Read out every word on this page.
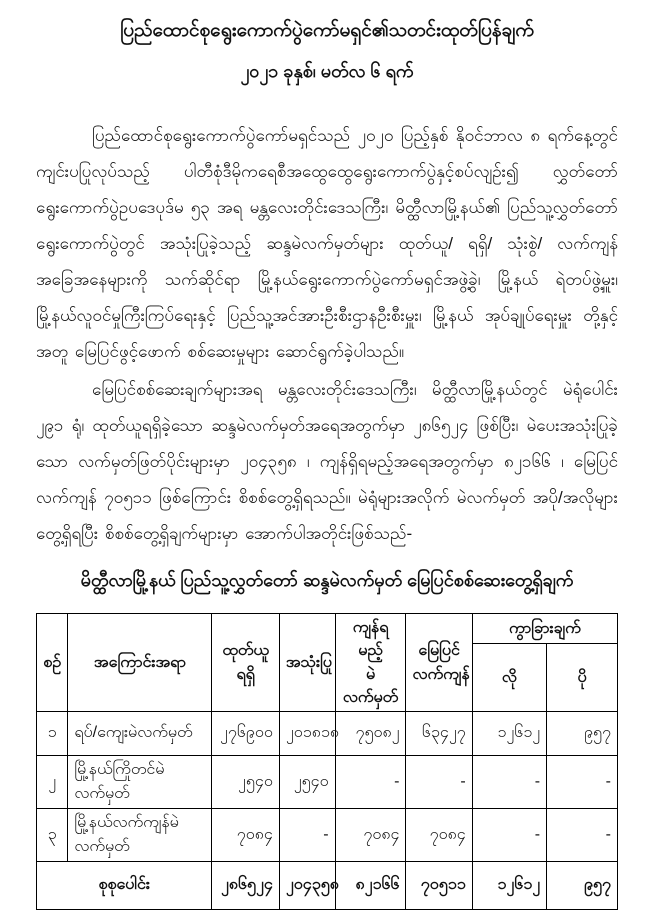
ပြည်ထောင်စုရွေးကောက်ပွဲကော်မရှင်၏သတင်းထုတ်ပြန်ချက်
၂၀၂၁ ခုနှစ်၊ မတ်လ ၆ ရက်

ပြည်ထောင်စုရွေးကောက်ပွဲကော်မရှင်သည် ၂၀၂၀ ပြည့်နှစ် နိုဝင်ဘာလ ၈ ရက်နေ့တွင် ကျင်းပပြုလုပ်သည့် ပါတီစုံဒီမိုကရေစီအထွေထွေရွေးကောက်ပွဲနှင့်စပ်လျဉ်း၍ လွှတ်တော်ရွေးကောက်ပွဲဥပဒေပုဒ်မ ၅၃ အရ မန္တလေးတိုင်းဒေသကြီး၊ မိတ္ထီလာမြို့နယ်၏ ပြည်သူ့လွှတ်တော်ရွေးကောက်ပွဲတွင် အသုံးပြုခဲ့သည့် ဆန္ဒမဲလက်မှတ်များ ထုတ်ယူ/ ရရှိ/ သုံးစွဲ/ လက်ကျန် အခြေအနေများကို သက်ဆိုင်ရာ မြို့နယ်ရွေးကောက်ပွဲကော်မရှင်အဖွဲ့ခွဲ၊ မြို့နယ် ရဲတပ်ဖွဲ့မှူး၊ မြို့နယ်လူဝင်မှုကြီးကြပ်ရေးနှင့် ပြည်သူ့အင်အားဦးစီးဌာနဦးစီးမှူး၊ မြို့နယ် အုပ်ချုပ်ရေးမှူး တို့နှင့်အတူ မြေပြင်ဖွင့်ဖောက် စစ်ဆေးမှုများ ဆောင်ရွက်ခဲ့ပါသည်။

မြေပြင်စစ်ဆေးချက်များအရ မန္တလေးတိုင်းဒေသကြီး၊ မိတ္ထီလာမြို့နယ်တွင် မဲရုံပေါင်း ၂၉၁ ရုံ၊ ထုတ်ယူရရှိခဲ့သော ဆန္ဒမဲလက်မှတ်အရေအတွက်မှာ ၂၈၆၅၂၄ ဖြစ်ပြီး၊ မဲပေးအသုံးပြုခဲ့သော လက်မှတ်ဖြတ်ပိုင်းများမှာ ၂၀၄၃၅၈ ၊ ကျန်ရှိရမည့်အရေအတွက်မှာ ၈၂၁၆၆ ၊ မြေပြင် လက်ကျန် ၇၀၅၁၁ ဖြစ်ကြောင်း စိစစ်တွေ့ရှိရသည်။ မဲရုံများအလိုက် မဲလက်မှတ် အပို/အလိုများ တွေ့ရှိရပြီး စိစစ်တွေ့ရှိချက်များမှာ အောက်ပါအတိုင်းဖြစ်သည်-

မိတ္ထီလာမြို့နယ် ပြည်သူ့လွှတ်တော် ဆန္ဒမဲလက်မှတ် မြေပြင်စစ်ဆေးတွေ့ရှိချက်
စဉ်	အကြောင်းအရာ	ထုတ်ယူရရှိ	အသုံးပြု	ကျန်ရမည့်
မဲလက်မှတ်	မြေပြင်
လက်ကျန်	ကွာခြားချက်	
						လို	ပို
၁	ရပ်/ကျေးမဲလက်မှတ်	၂၇၆၉၀၀	၂၀၁၈၁၈	၇၅၀၈၂	၆၃၄၂၇	၁၂၆၁၂	၉၅၇
၂	မြို့နယ်ကြိုတင်မဲလက်မှတ်	၂၅၄၀	၂၅၄၀	-	-	-	-
၃	မြို့နယ်လက်ကျန်မဲလက်မှတ်	၇၀၈၄	-	၇၀၈၄	၇၀၈၄	-	-
စုစုပေါင်း		၂၈၆၅၂၄	၂၀၄၃၅၈	၈၂၁၆၆	၇၀၅၁၁	၁၂၆၁၂	၉၅၇
